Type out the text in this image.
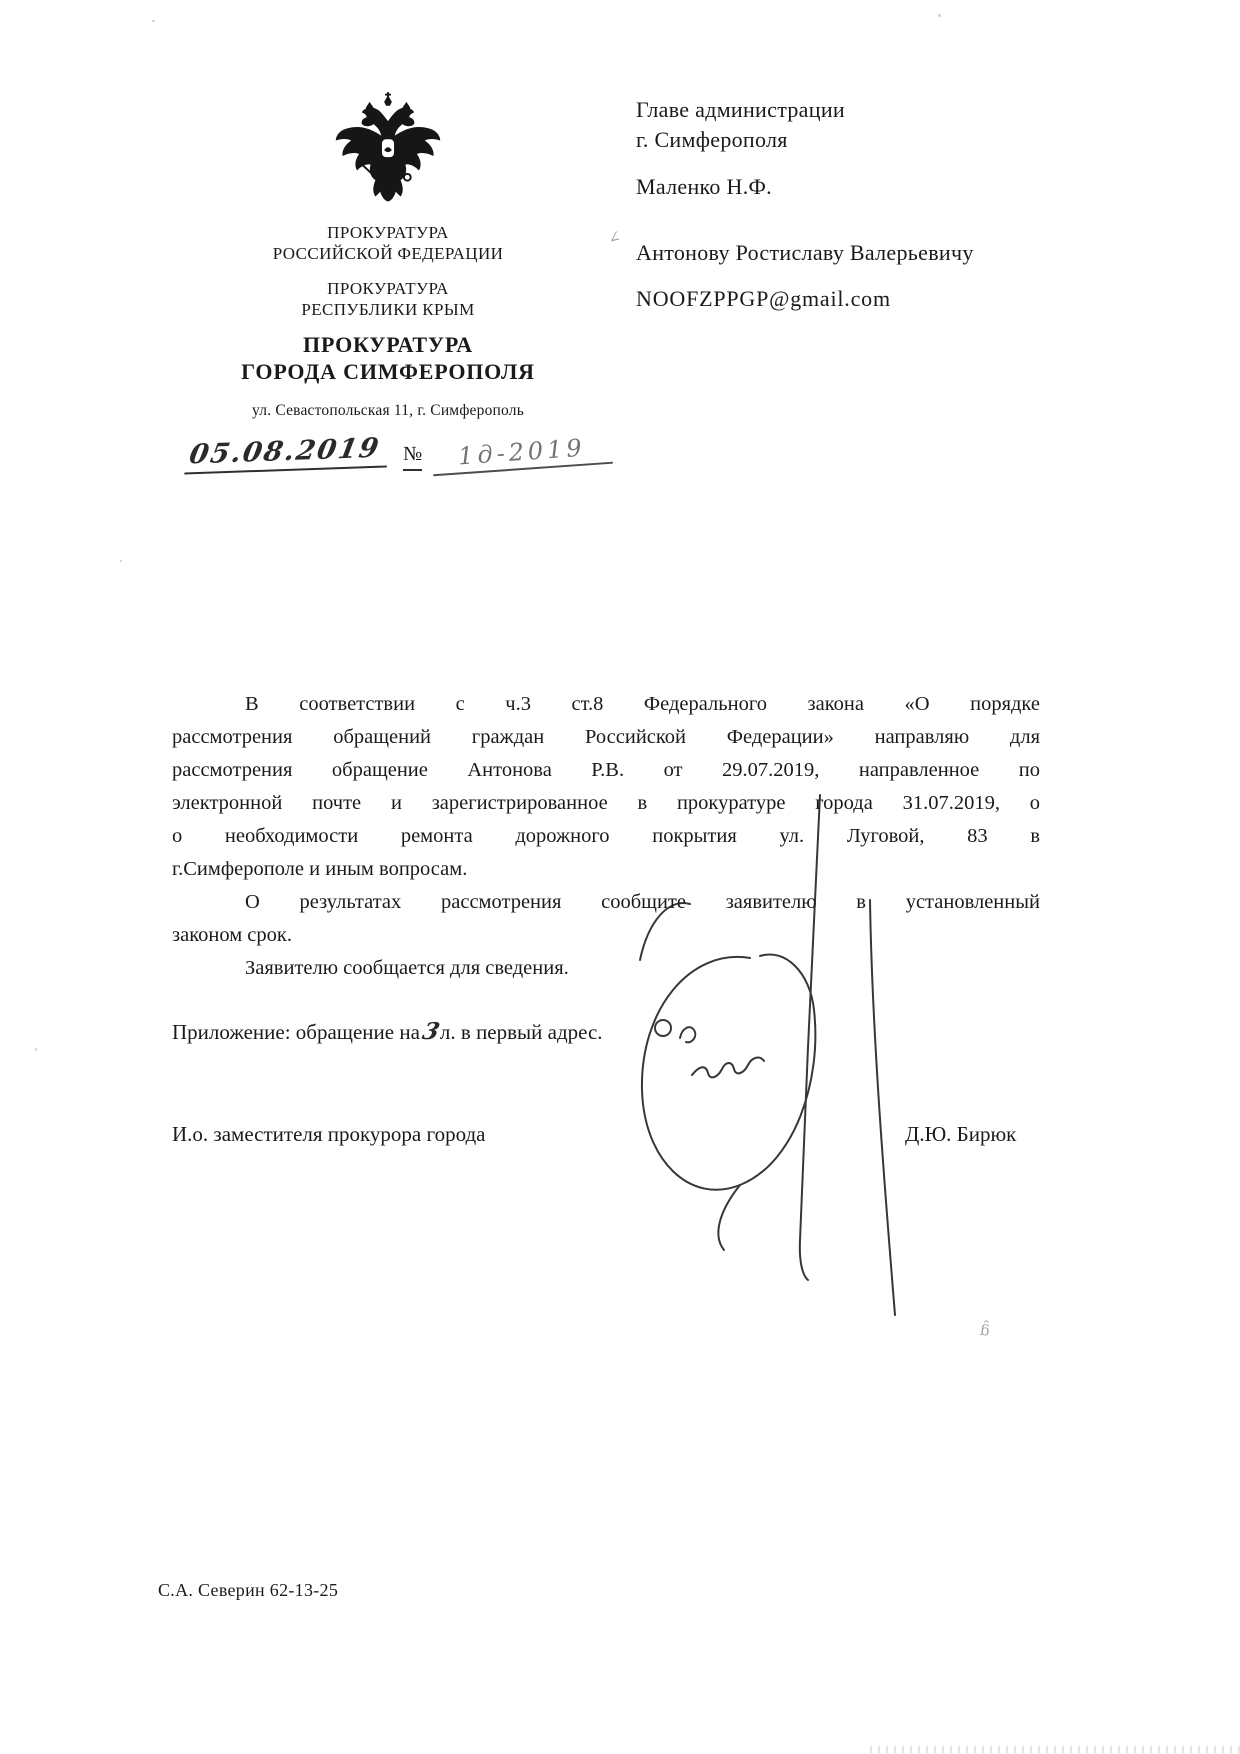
ПРОКУРАТУРА
РОССИЙСКОЙ ФЕДЕРАЦИИ
ПРОКУРАТУРА
РЕСПУБЛИКИ КРЫМ
ПРОКУРАТУРА
ГОРОДА СИМФЕРОПОЛЯ
ул. Севастопольская 11, г. Симферополь
05.08.2019 № 1д-2019
Главе администрации
г. Симферополя
Маленко Н.Ф.
Антонову Ростиславу Валерьевичу
NOOFZPPGP@gmail.com
∠
В соответствии с ч.3 ст.8 Федерального закона «О порядке
рассмотрения обращений граждан Российской Федерации» направляю для
рассмотрения обращение Антонова Р.В. от 29.07.2019, направленное по
электронной почте и зарегистрированное в прокуратуре города 31.07.2019, о
о необходимости ремонта дорожного покрытия ул. Луговой, 83 в
г.Симферополе и иным вопросам.
О результатах рассмотрения сообщите заявителю в установленный
законом срок.
Заявителю сообщается для сведения.
Приложение: обращение на3л. в первый адрес.
И.о. заместителя прокурора города	Д.Ю. Бирюк
ᵷ̑
С.А. Северин 62-13-25
